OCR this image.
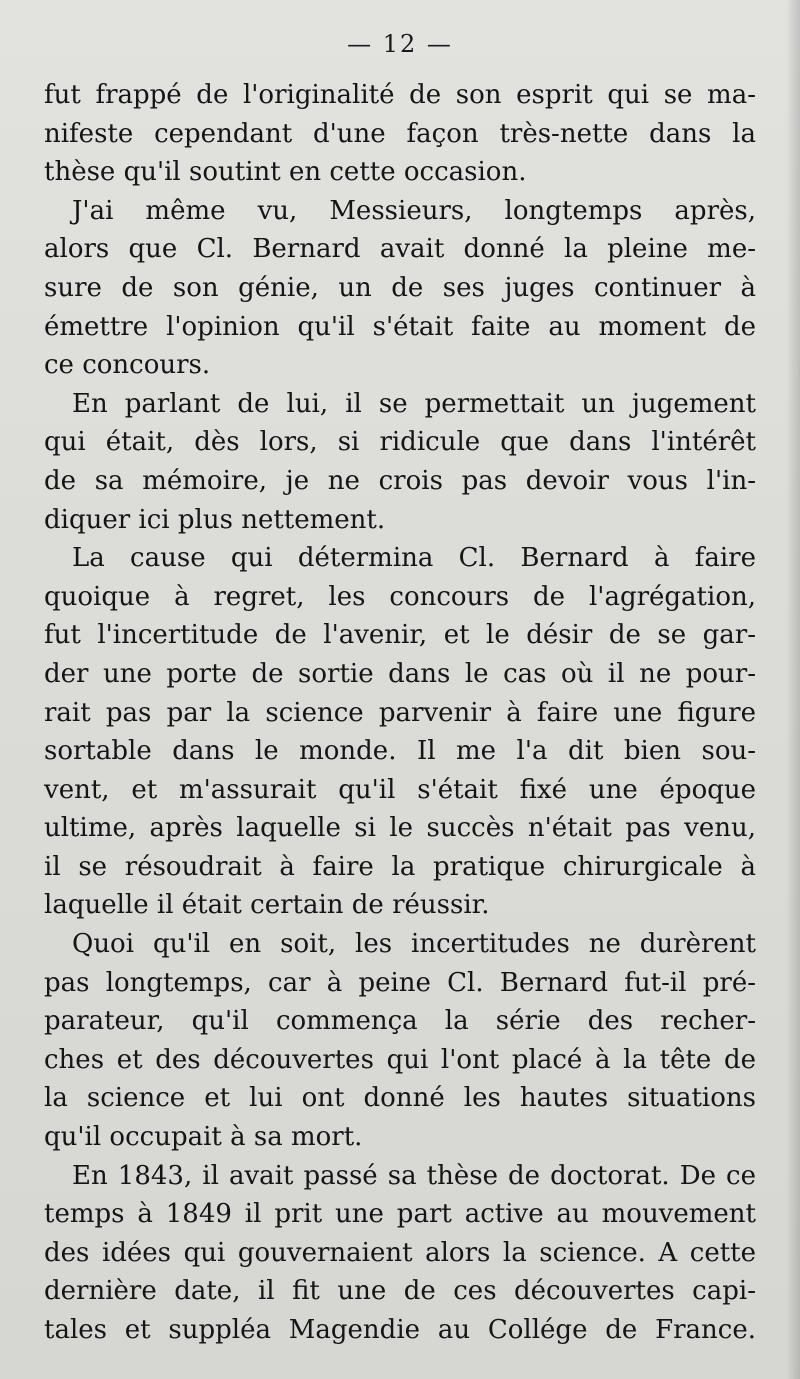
— 12 —
fut frappé de l'originalité de son esprit qui se ma-
nifeste cependant d'une façon très-nette dans la
thèse qu'il soutint en cette occasion.
J'ai même vu, Messieurs, longtemps après,
alors que Cl. Bernard avait donné la pleine me-
sure de son génie, un de ses juges continuer à
émettre l'opinion qu'il s'était faite au moment de
ce concours.
En parlant de lui, il se permettait un jugement
qui était, dès lors, si ridicule que dans l'intérêt
de sa mémoire, je ne crois pas devoir vous l'in-
diquer ici plus nettement.
La cause qui détermina Cl. Bernard à faire
quoique à regret, les concours de l'agrégation,
fut l'incertitude de l'avenir, et le désir de se gar-
der une porte de sortie dans le cas où il ne pour-
rait pas par la science parvenir à faire une figure
sortable dans le monde. Il me l'a dit bien sou-
vent, et m'assurait qu'il s'était fixé une époque
ultime, après laquelle si le succès n'était pas venu,
il se résoudrait à faire la pratique chirurgicale à
laquelle il était certain de réussir.
Quoi qu'il en soit, les incertitudes ne durèrent
pas longtemps, car à peine Cl. Bernard fut-il pré-
parateur, qu'il commença la série des recher-
ches et des découvertes qui l'ont placé à la tête de
la science et lui ont donné les hautes situations
qu'il occupait à sa mort.
En 1843, il avait passé sa thèse de doctorat. De ce
temps à 1849 il prit une part active au mouvement
des idées qui gouvernaient alors la science. A cette
dernière date, il fit une de ces découvertes capi-
tales et suppléa Magendie au Collége de France.
